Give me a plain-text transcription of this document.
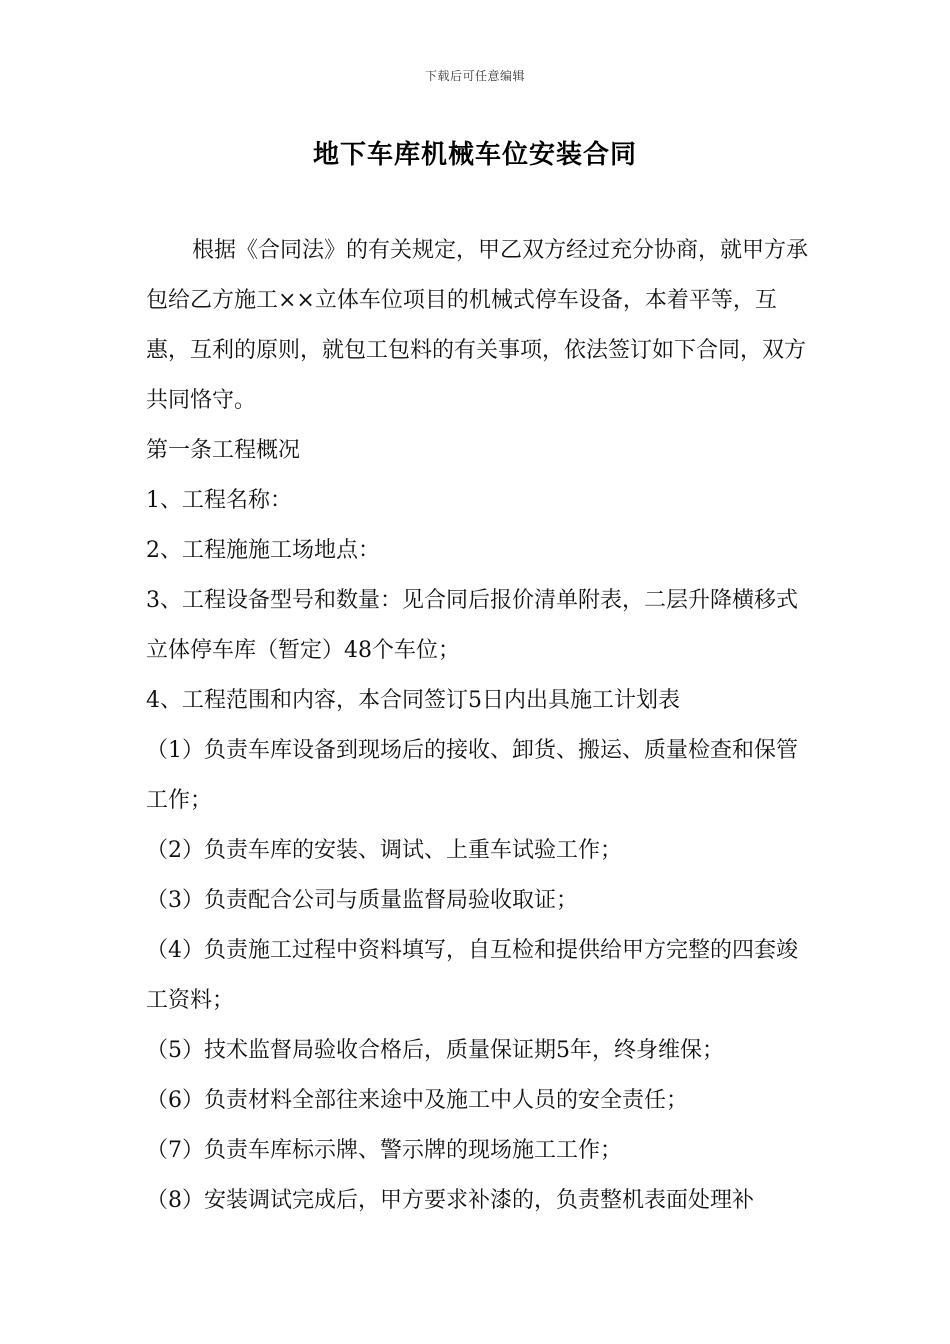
下载后可任意编辑
地下车库机械车位安装合同

根据《合同法》的有关规定，甲乙双方经过充分协商，就甲方承包给乙方施工××立体车位项目的机械式停车设备，本着平等，互惠，互利的原则，就包工包料的有关事项，依法签订如下合同，双方共同恪守。

第一条工程概况

1、工程名称：

2、工程施施工场地点：

3、工程设备型号和数量：见合同后报价清单附表，二层升降横移式立体停车库（暂定）48个车位；

4、工程范围和内容，本合同签订5日内出具施工计划表

（1）负责车库设备到现场后的接收、卸货、搬运、质量检查和保管工作；

（2）负责车库的安装、调试、上重车试验工作；

（3）负责配合公司与质量监督局验收取证；

（4）负责施工过程中资料填写，自互检和提供给甲方完整的四套竣工资料；

（5）技术监督局验收合格后，质量保证期5年，终身维保；

（6）负责材料全部往来途中及施工中人员的安全责任；

（7）负责车库标示牌、警示牌的现场施工工作；

（8）安装调试完成后，甲方要求补漆的，负责整机表面处理补
